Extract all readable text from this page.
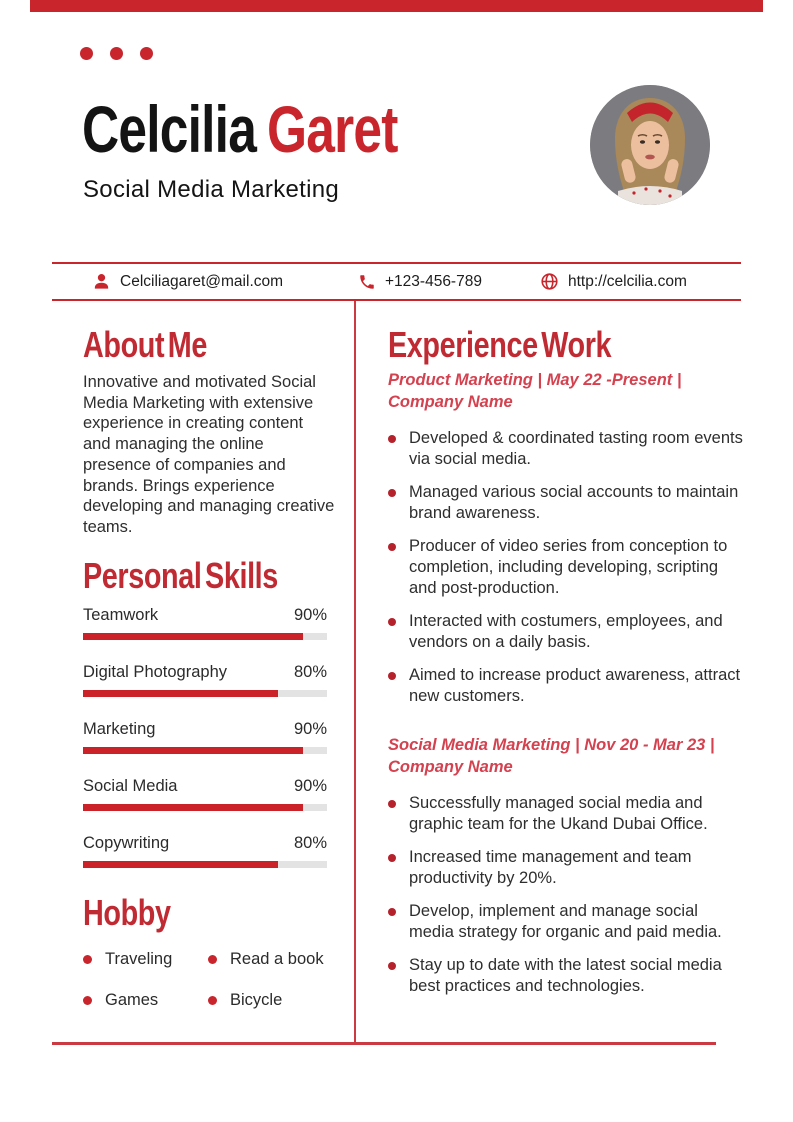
Celcilia Garet
Social Media Marketing
Celciliagaret@mail.com	+123-456-789	http://celcilia.com
About Me
Innovative and motivated Social Media Marketing with extensive experience in creating content and managing the online presence of companies and brands. Brings experience developing and managing creative teams.
Personal Skills
Teamwork	90%
Digital Photography	80%
Marketing	90%
Social Media	90%
Copywriting	80%
Hobby
Traveling
Games
Read a book
Bicycle
Experience Work

Product Marketing | May 22 -Present | Company Name

Developed & coordinated tasting room events via social media.
Managed various social accounts to maintain brand awareness.
Producer of video series from conception to completion, including developing, scripting and post-production.
Interacted with costumers, employees, and vendors on a daily basis.
Aimed to increase product awareness, attract new customers.

Social Media Marketing | Nov 20 - Mar 23 | Company Name

Successfully managed social media and graphic team for the Ukand Dubai Office.
Increased time management and team productivity by 20%.
Develop, implement and manage social media strategy for organic and paid media.
Stay up to date with the latest social media best practices and technologies.
